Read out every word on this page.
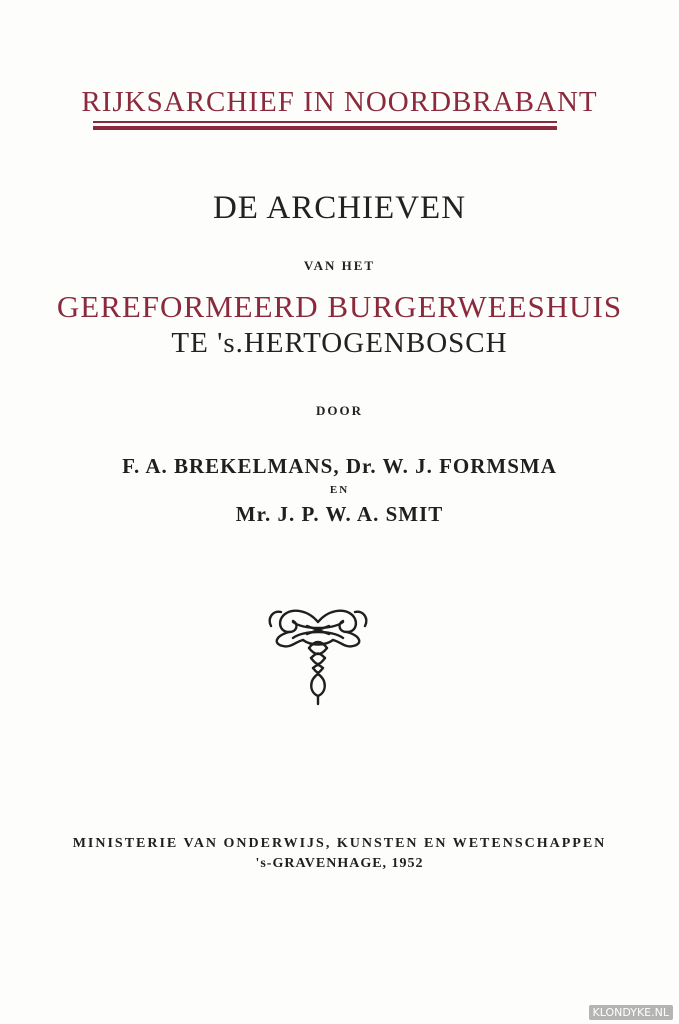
RIJKSARCHIEF IN NOORDBRABANT
DE ARCHIEVEN
VAN HET
GEREFORMEERD BURGERWEESHUIS
TE 's.HERTOGENBOSCH
DOOR
F. A. BREKELMANS, Dr. W. J. FORMSMA
EN
Mr. J. P. W. A. SMIT
MINISTERIE VAN ONDERWIJS, KUNSTEN EN WETENSCHAPPEN
's-GRAVENHAGE, 1952
KLONDYKE.NL
